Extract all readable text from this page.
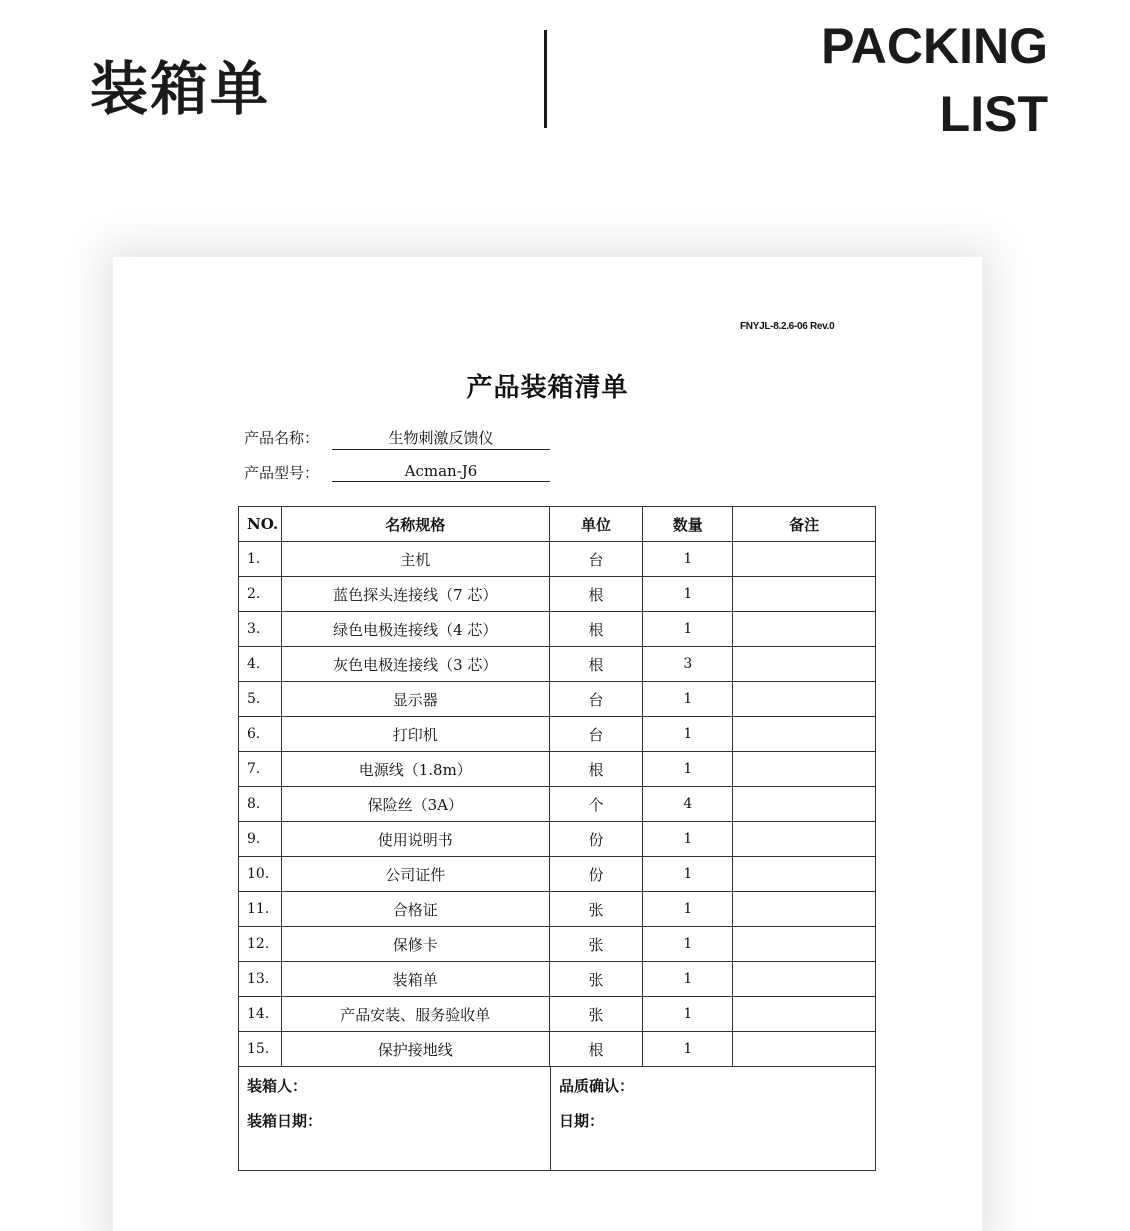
装箱单
PACKING
LIST
FNYJL-8.2.6-06 Rev.0
产品装箱清单
产品名称：	生物刺激反馈仪
产品型号：	Acman-J6
NO.	名称规格	单位	数量	备注
1.	主机	台	1	
2.	蓝色探头连接线（7 芯）	根	1	
3.	绿色电极连接线（4 芯）	根	1	
4.	灰色电极连接线（3 芯）	根	3	
5.	显示器	台	1	
6.	打印机	台	1	
7.	电源线（1.8m）	根	1	
8.	保险丝（3A）	个	4	
9.	使用说明书	份	1	
10.	公司证件	份	1	
11.	合格证	张	1	
12.	保修卡	张	1	
13.	装箱单	张	1	
14.	产品安装、服务验收单	张	1	
15.	保护接地线	根	1	
装箱人：
装箱日期：
品质确认：
日期：
